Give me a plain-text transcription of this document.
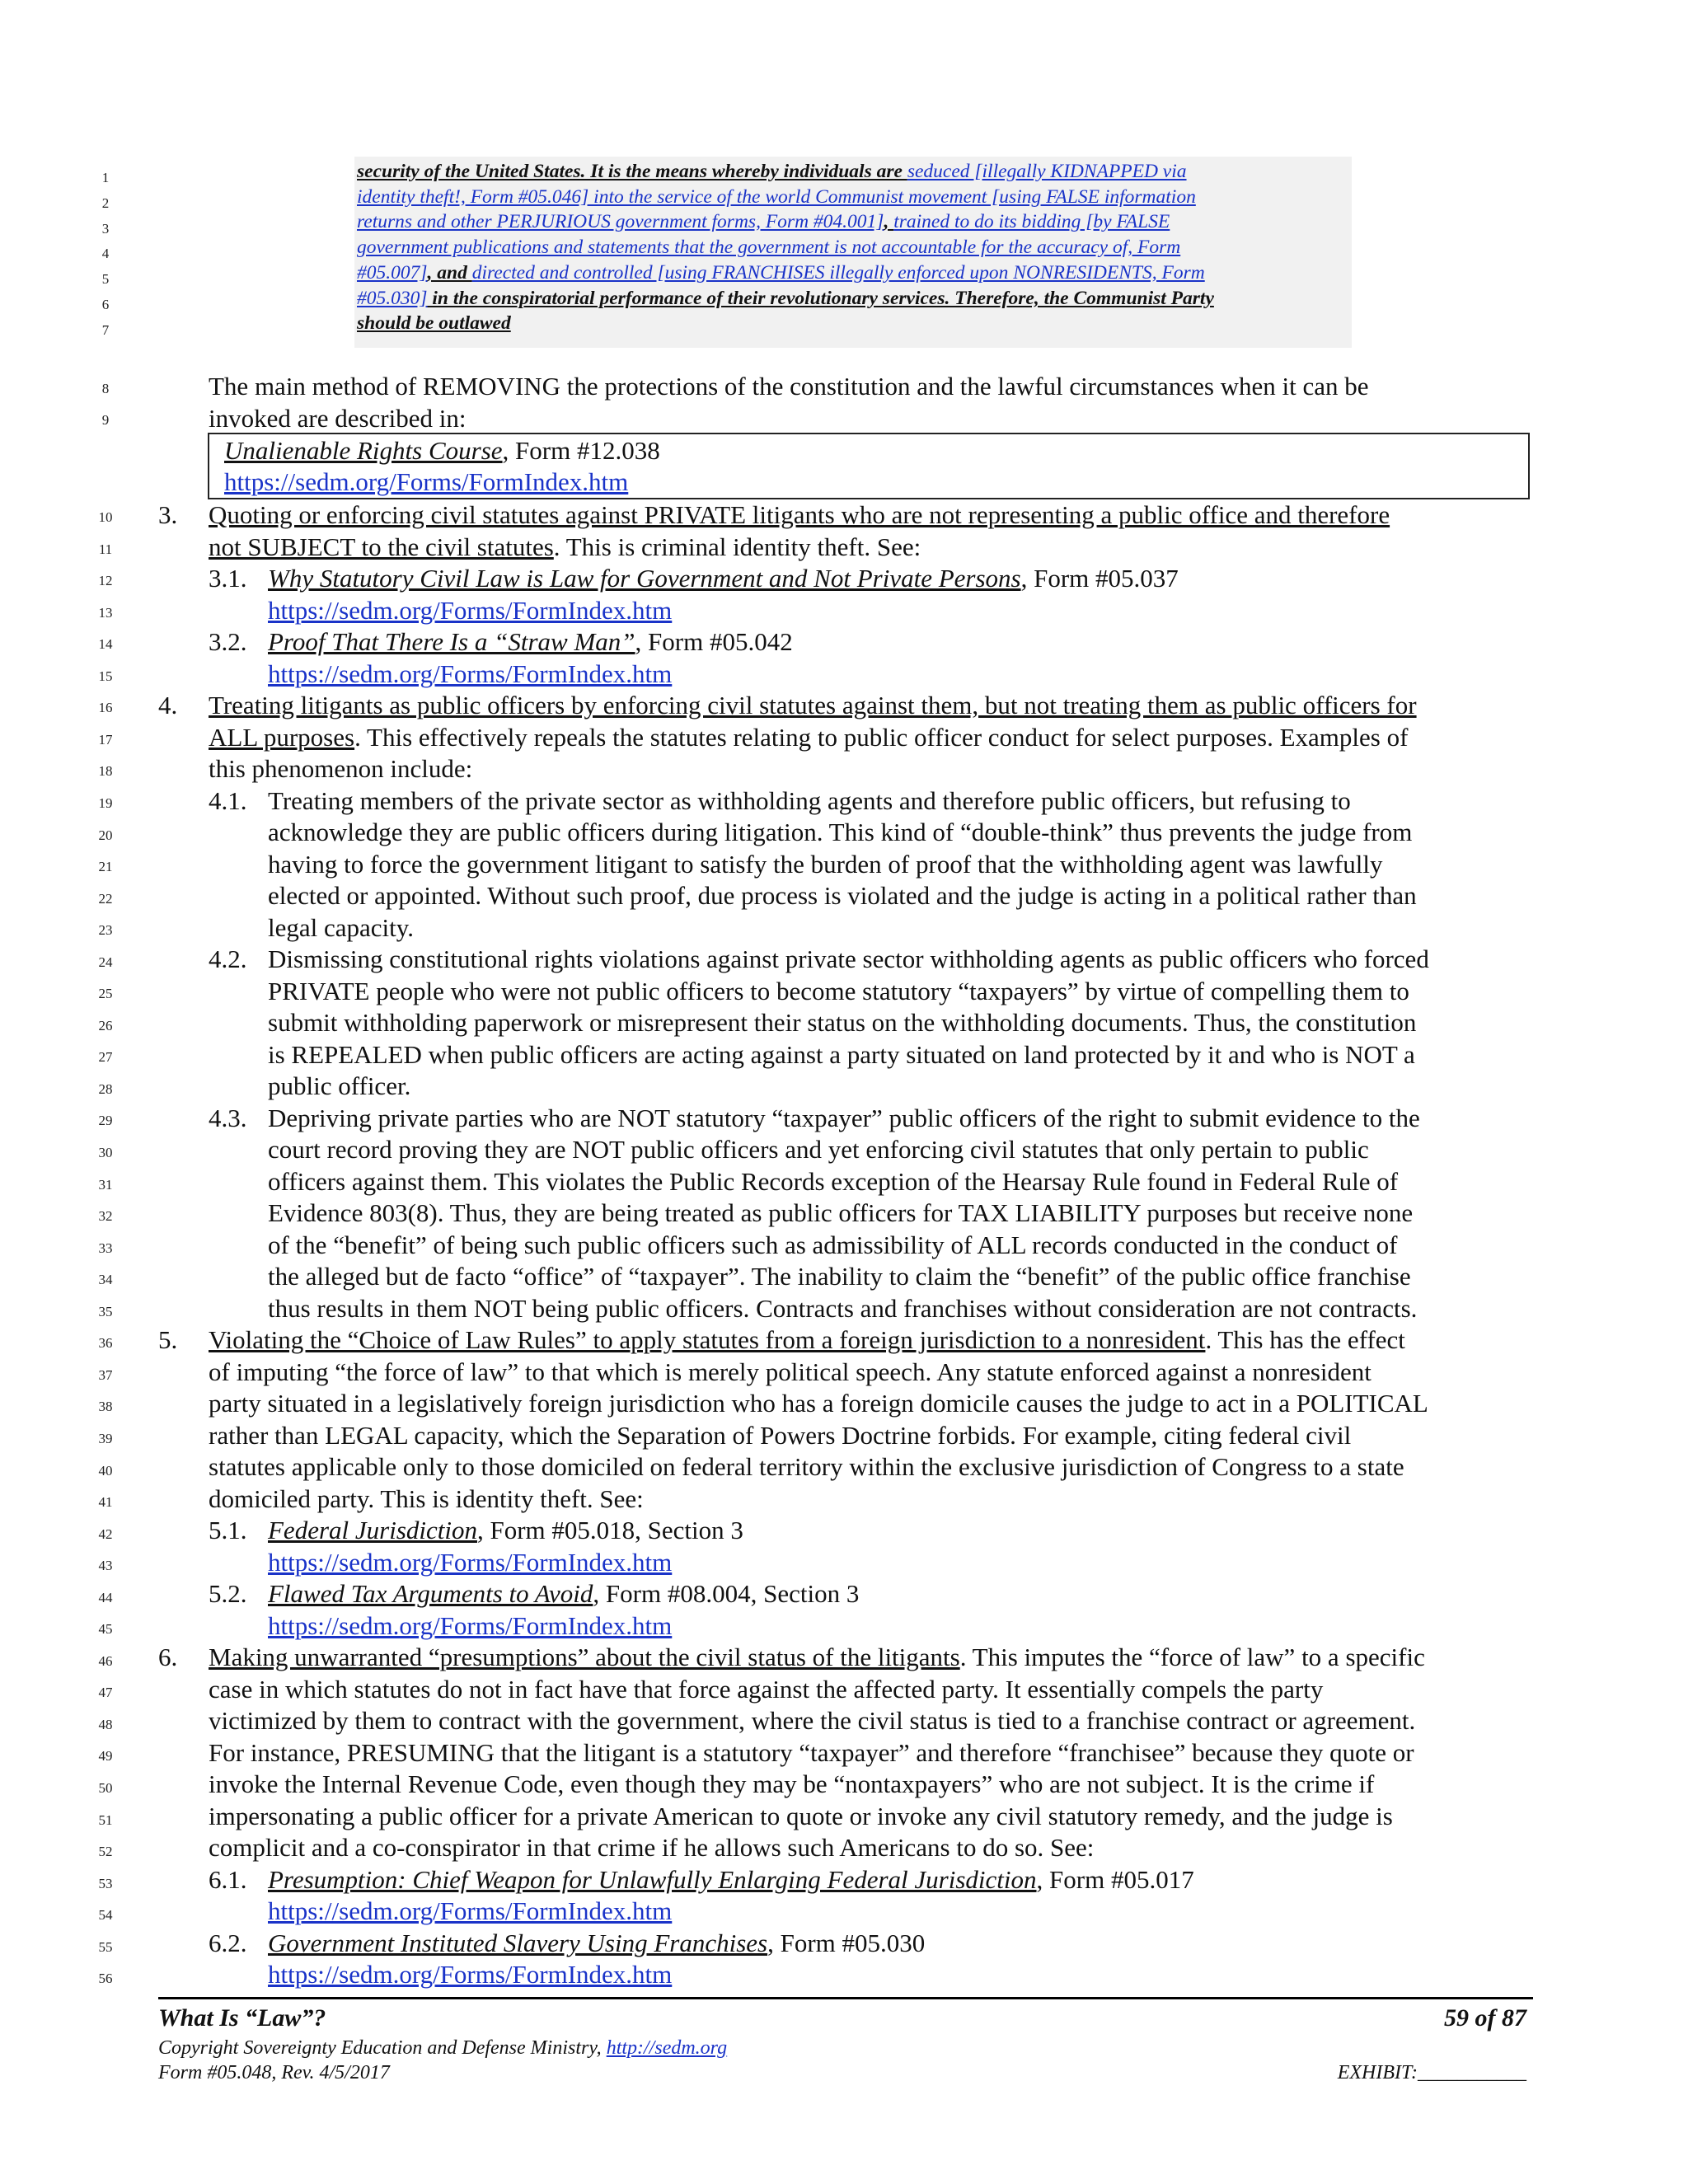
1
2
3
4
5
6
7
8
9
10
11
12
13
14
15
16
17
18
19
20
21
22
23
24
25
26
27
28
29
30
31
32
33
34
35
36
37
38
39
40
41
42
43
44
45
46
47
48
49
50
51
52
53
54
55
56
security of the United States. It is the means whereby individuals are seduced [illegally KIDNAPPED via
identity theft!, Form #05.046] into the service of the world Communist movement [using FALSE information
returns and other PERJURIOUS government forms, Form #04.001], trained to do its bidding [by FALSE
government publications and statements that the government is not accountable for the accuracy of, Form
#05.007], and directed and controlled [using FRANCHISES illegally enforced upon NONRESIDENTS, Form
#05.030] in the conspiratorial performance of their revolutionary services. Therefore, the Communist Party
should be outlawed
The main method of REMOVING the protections of the constitution and the lawful circumstances when it can be
invoked are described in:
Unalienable Rights Course, Form #12.038
https://sedm.org/Forms/FormIndex.htm
3. Quoting or enforcing civil statutes against PRIVATE litigants who are not representing a public office and therefore
not SUBJECT to the civil statutes. This is criminal identity theft. See:
3.1. Why Statutory Civil Law is Law for Government and Not Private Persons, Form #05.037
https://sedm.org/Forms/FormIndex.htm
3.2. Proof That There Is a “Straw Man”, Form #05.042
https://sedm.org/Forms/FormIndex.htm
4. Treating litigants as public officers by enforcing civil statutes against them, but not treating them as public officers for
ALL purposes. This effectively repeals the statutes relating to public officer conduct for select purposes. Examples of
this phenomenon include:
4.1. Treating members of the private sector as withholding agents and therefore public officers, but refusing to
acknowledge they are public officers during litigation. This kind of “double-think” thus prevents the judge from
having to force the government litigant to satisfy the burden of proof that the withholding agent was lawfully
elected or appointed. Without such proof, due process is violated and the judge is acting in a political rather than
legal capacity.
4.2. Dismissing constitutional rights violations against private sector withholding agents as public officers who forced
PRIVATE people who were not public officers to become statutory “taxpayers” by virtue of compelling them to
submit withholding paperwork or misrepresent their status on the withholding documents. Thus, the constitution
is REPEALED when public officers are acting against a party situated on land protected by it and who is NOT a
public officer.
4.3. Depriving private parties who are NOT statutory “taxpayer” public officers of the right to submit evidence to the
court record proving they are NOT public officers and yet enforcing civil statutes that only pertain to public
officers against them. This violates the Public Records exception of the Hearsay Rule found in Federal Rule of
Evidence 803(8). Thus, they are being treated as public officers for TAX LIABILITY purposes but receive none
of the “benefit” of being such public officers such as admissibility of ALL records conducted in the conduct of
the alleged but de facto “office” of “taxpayer”. The inability to claim the “benefit” of the public office franchise
thus results in them NOT being public officers. Contracts and franchises without consideration are not contracts.
5. Violating the “Choice of Law Rules” to apply statutes from a foreign jurisdiction to a nonresident. This has the effect
of imputing “the force of law” to that which is merely political speech. Any statute enforced against a nonresident
party situated in a legislatively foreign jurisdiction who has a foreign domicile causes the judge to act in a POLITICAL
rather than LEGAL capacity, which the Separation of Powers Doctrine forbids. For example, citing federal civil
statutes applicable only to those domiciled on federal territory within the exclusive jurisdiction of Congress to a state
domiciled party. This is identity theft. See:
5.1. Federal Jurisdiction, Form #05.018, Section 3
https://sedm.org/Forms/FormIndex.htm
5.2. Flawed Tax Arguments to Avoid, Form #08.004, Section 3
https://sedm.org/Forms/FormIndex.htm
6. Making unwarranted “presumptions” about the civil status of the litigants. This imputes the “force of law” to a specific
case in which statutes do not in fact have that force against the affected party. It essentially compels the party
victimized by them to contract with the government, where the civil status is tied to a franchise contract or agreement.
For instance, PRESUMING that the litigant is a statutory “taxpayer” and therefore “franchisee” because they quote or
invoke the Internal Revenue Code, even though they may be “nontaxpayers” who are not subject. It is the crime if
impersonating a public officer for a private American to quote or invoke any civil statutory remedy, and the judge is
complicit and a co-conspirator in that crime if he allows such Americans to do so. See:
6.1. Presumption: Chief Weapon for Unlawfully Enlarging Federal Jurisdiction, Form #05.017
https://sedm.org/Forms/FormIndex.htm
6.2. Government Instituted Slavery Using Franchises, Form #05.030
https://sedm.org/Forms/FormIndex.htm
What Is “Law”?	59 of 87
Copyright Sovereignty Education and Defense Ministry, http://sedm.org
Form #05.048, Rev. 4/5/2017	EXHIBIT:___________
